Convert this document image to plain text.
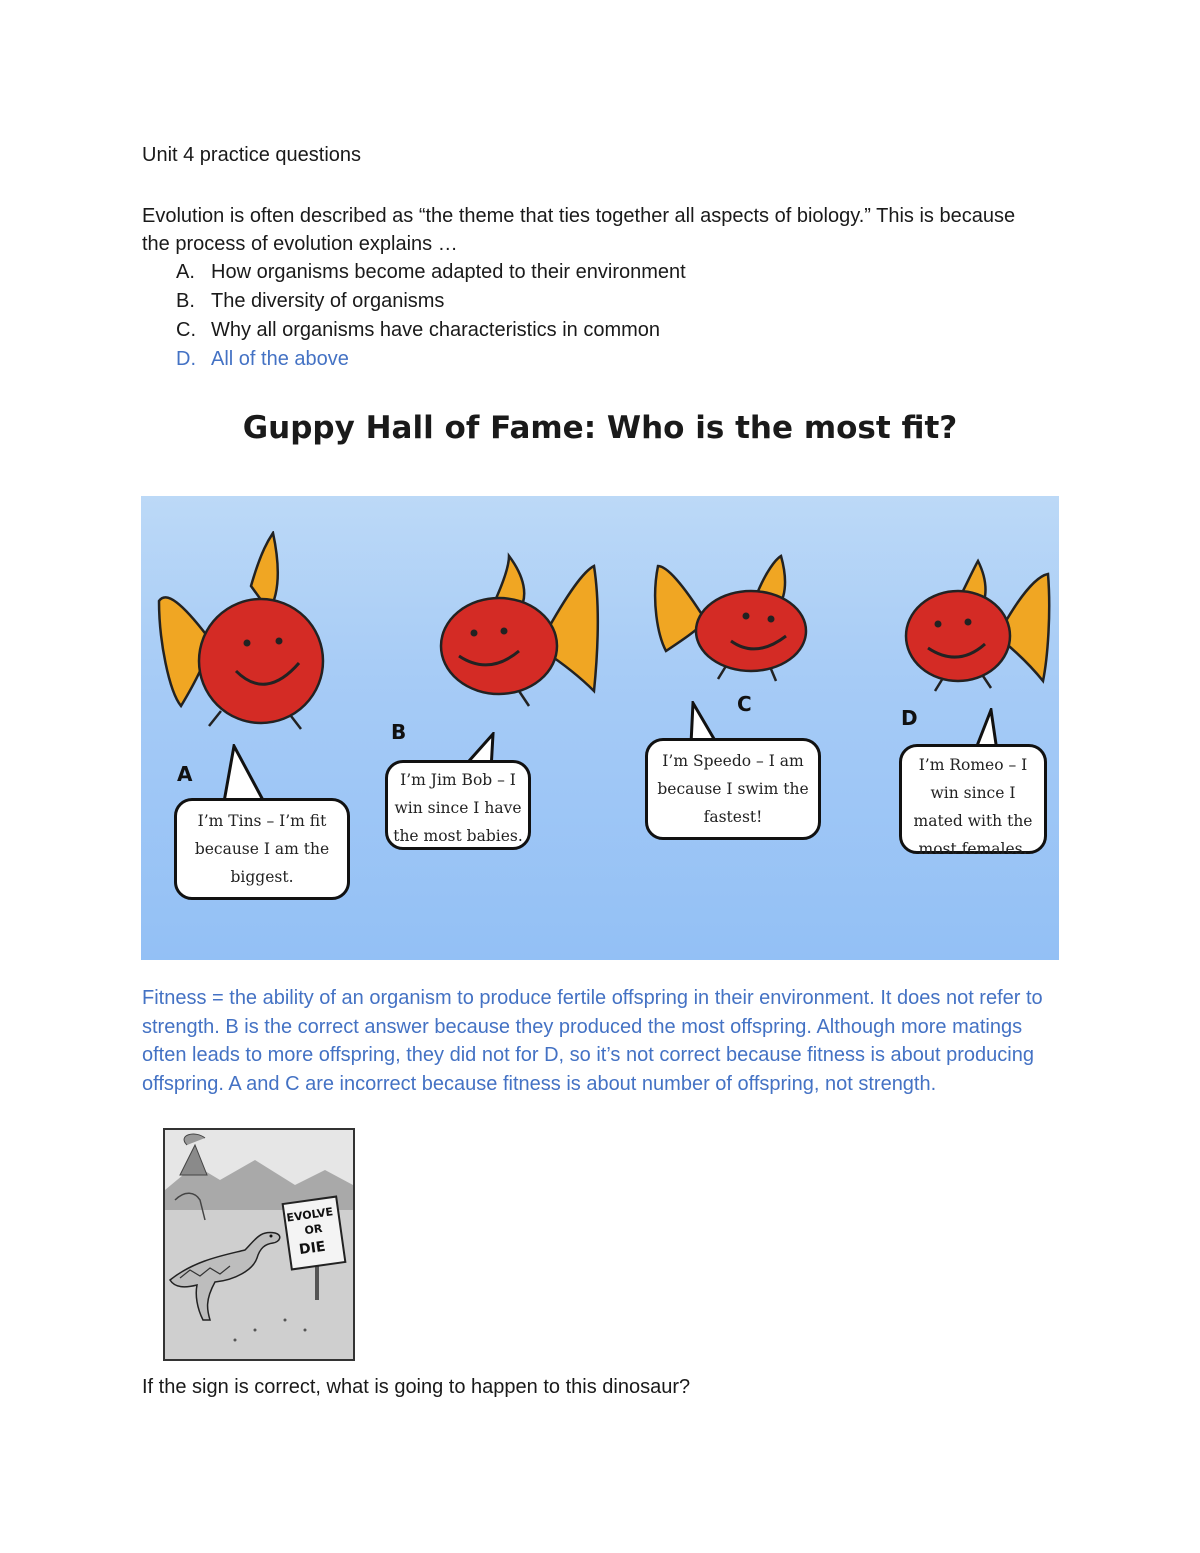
Unit 4 practice questions
Evolution is often described as “the theme that ties together all aspects of biology.” This is because the process of evolution explains …
A. How organisms become adapted to their environment
B. The diversity of organisms
C. Why all organisms have characteristics in common
D. All of the above
Guppy Hall of Fame: Who is the most fit?
A
B
C
D
I’m Tins – I’m fit because I am the biggest.
I’m Jim Bob – I win since I have the most babies.
I’m Speedo – I am because I swim the fastest!
I’m Romeo – I win since I mated with the most females.
Fitness = the ability of an organism to produce fertile offspring in their environment. It does not refer to strength. B is the correct answer because they produced the most offspring. Although more matings often leads to more offspring, they did not for D, so it’s not correct because fitness is about producing offspring. A and C are incorrect because fitness is about number of offspring, not strength.
EVOLVE
OR
DIE
If the sign is correct, what is going to happen to this dinosaur?
